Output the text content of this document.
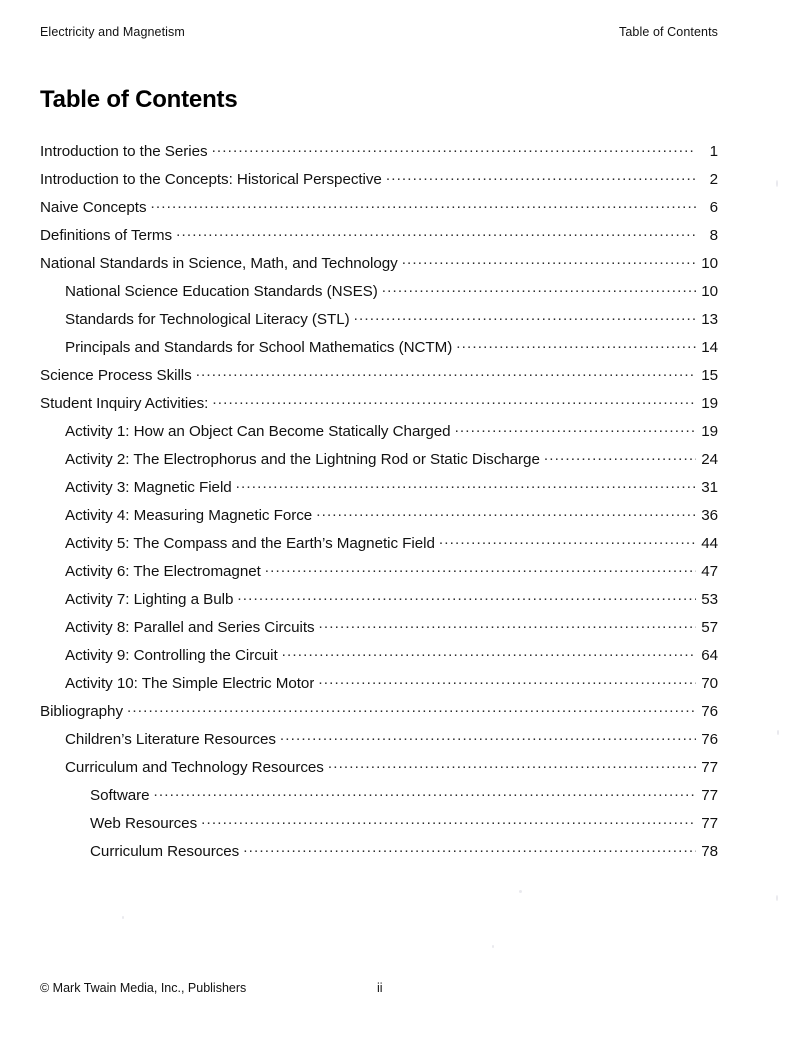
Electricity and Magnetism	Table of Contents
Table of Contents
Introduction to the Series .....	1
Introduction to the Concepts: Historical Perspective .....	2
Naive Concepts .....	6
Definitions of Terms .....	8
National Standards in Science, Math, and Technology .....	10
National Science Education Standards (NSES) .....	10
Standards for Technological Literacy (STL) .....	13
Principals and Standards for School Mathematics (NCTM) .....	14
Science Process Skills .....	15
Student Inquiry Activities: .....	19
Activity 1: How an Object Can Become Statically Charged .....	19
Activity 2: The Electrophorus and the Lightning Rod or Static Discharge .....	24
Activity 3: Magnetic Field .....	31
Activity 4: Measuring Magnetic Force .....	36
Activity 5: The Compass and the Earth’s Magnetic Field .....	44
Activity 6: The Electromagnet .....	47
Activity 7: Lighting a Bulb .....	53
Activity 8: Parallel and Series Circuits .....	57
Activity 9: Controlling the Circuit .....	64
Activity 10: The Simple Electric Motor .....	70
Bibliography .....	76
Children’s Literature Resources .....	76
Curriculum and Technology Resources .....	77
Software .....	77
Web Resources .....	77
Curriculum Resources .....	78
© Mark Twain Media, Inc., Publishers	ii
